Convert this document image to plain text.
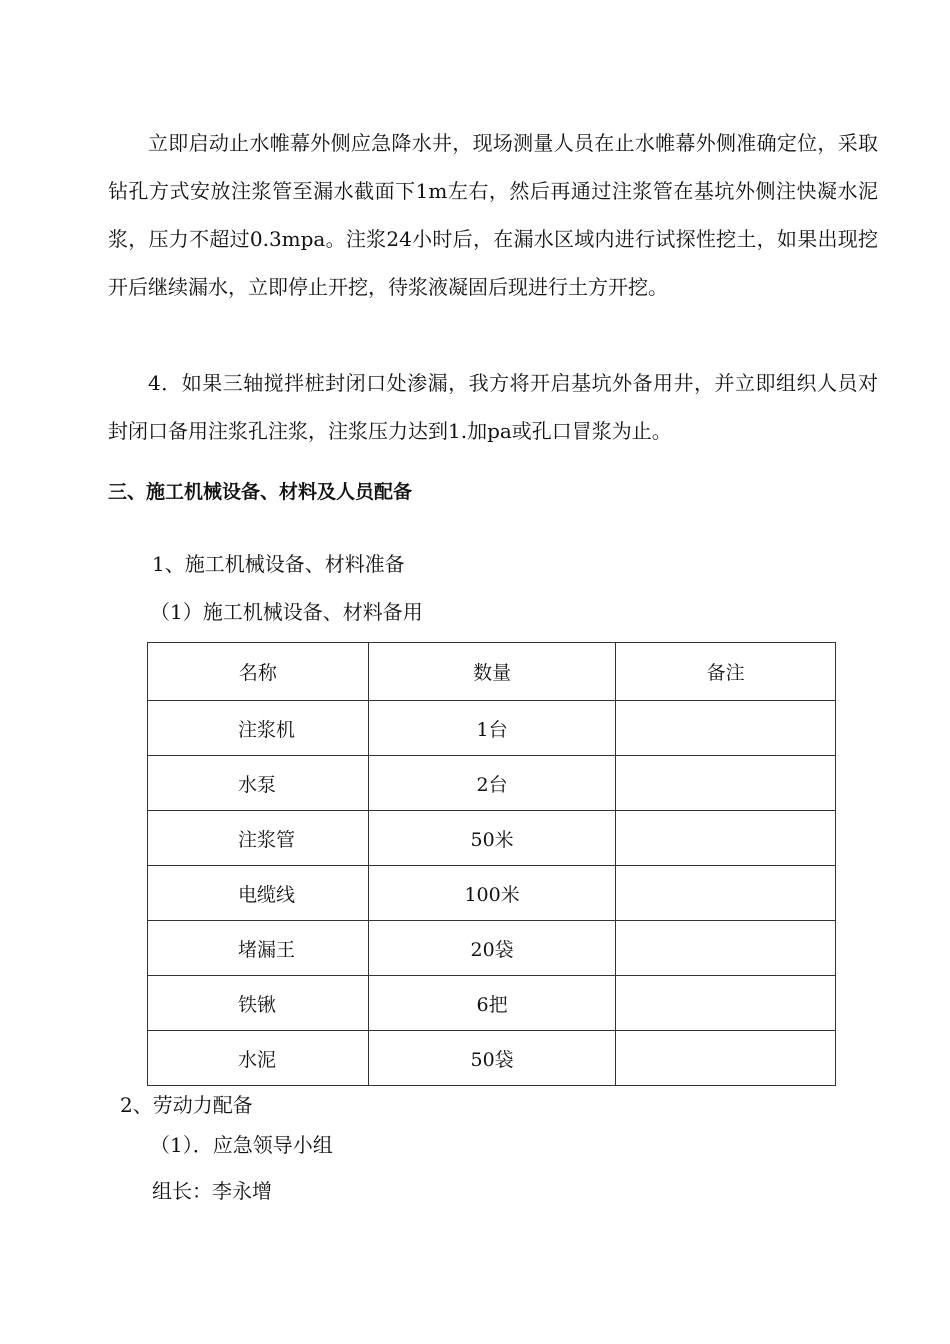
立即启动止水帷幕外侧应急降水井，现场测量人员在止水帷幕外侧准确定位，采取钻孔方式安放注浆管至漏水截面下1m左右，然后再通过注浆管在基坑外侧注快凝水泥浆，压力不超过0.3mpa。注浆24小时后，在漏水区域内进行试探性挖土，如果出现挖开后继续漏水，立即停止开挖，待浆液凝固后现进行土方开挖。

4．如果三轴搅拌桩封闭口处渗漏，我方将开启基坑外备用井，并立即组织人员对封闭口备用注浆孔注浆，注浆压力达到1.加pa或孔口冒浆为止。

三、施工机械设备、材料及人员配备
1、施工机械设备、材料准备
（1）施工机械设备、材料备用
名称	数量	备注
注浆机	1台	
水泵	2台	
注浆管	50米	
电缆线	100米	
堵漏王	20袋	
铁锹	6把	
水泥	50袋	
2、劳动力配备
（1）．应急领导小组
组长：李永增
